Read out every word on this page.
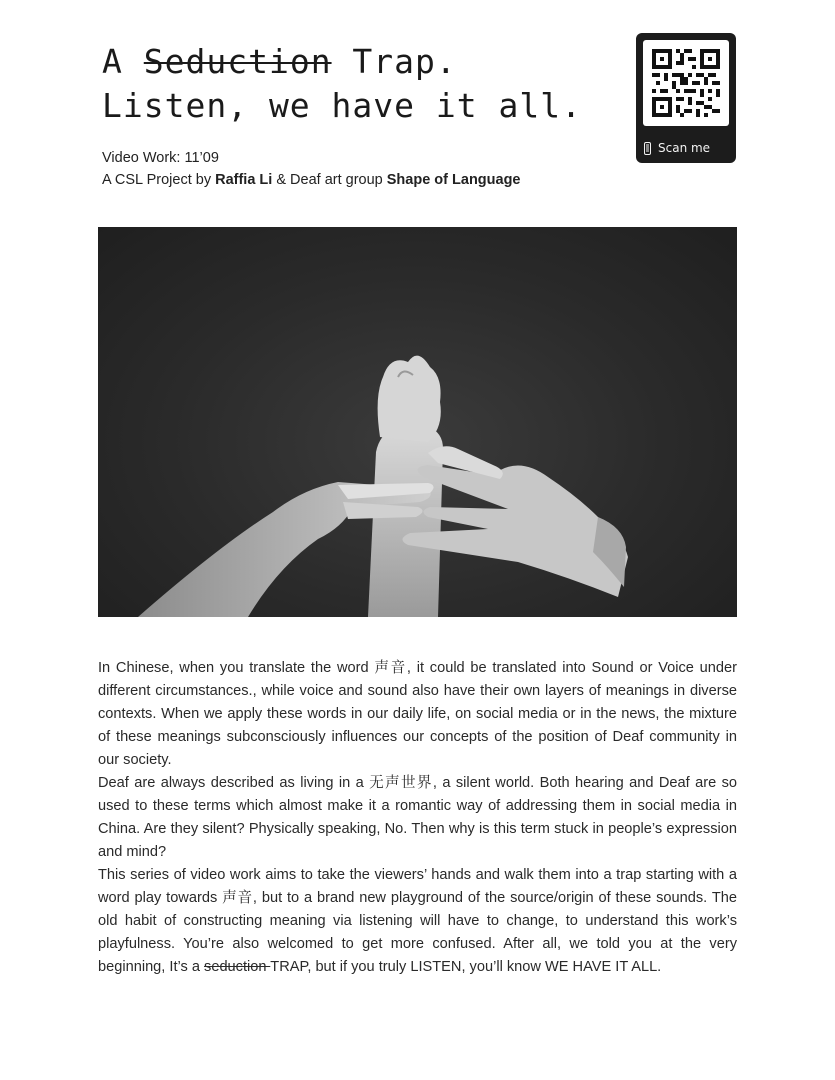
A Seduction Trap.
Listen, we have it all.
Video Work: 11’09
A CSL Project by Raffia Li & Deaf art group Shape of Language
Scan me

In Chinese, when you translate the word 声音, it could be translated into Sound or Voice under different circumstances., while voice and sound also have their own layers of meanings in diverse contexts. When we apply these words in our daily life, on social media or in the news, the mixture of these meanings subconsciously influences our concepts of the position of Deaf community in our society.

Deaf are always described as living in a 无声世界, a silent world. Both hearing and Deaf are so used to these terms which almost make it a romantic way of addressing them in social media in China. Are they silent? Physically speaking, No. Then why is this term stuck in people’s expression and mind?

This series of video work aims to take the viewers’ hands and walk them into a trap starting with a word play towards 声音, but to a brand new playground of the source/origin of these sounds. The old habit of constructing meaning via listening will have to change, to understand this work’s playfulness. You’re also welcomed to get more confused. After all, we told you at the very beginning, It’s a seduction TRAP, but if you truly LISTEN, you’ll know WE HAVE IT ALL.
